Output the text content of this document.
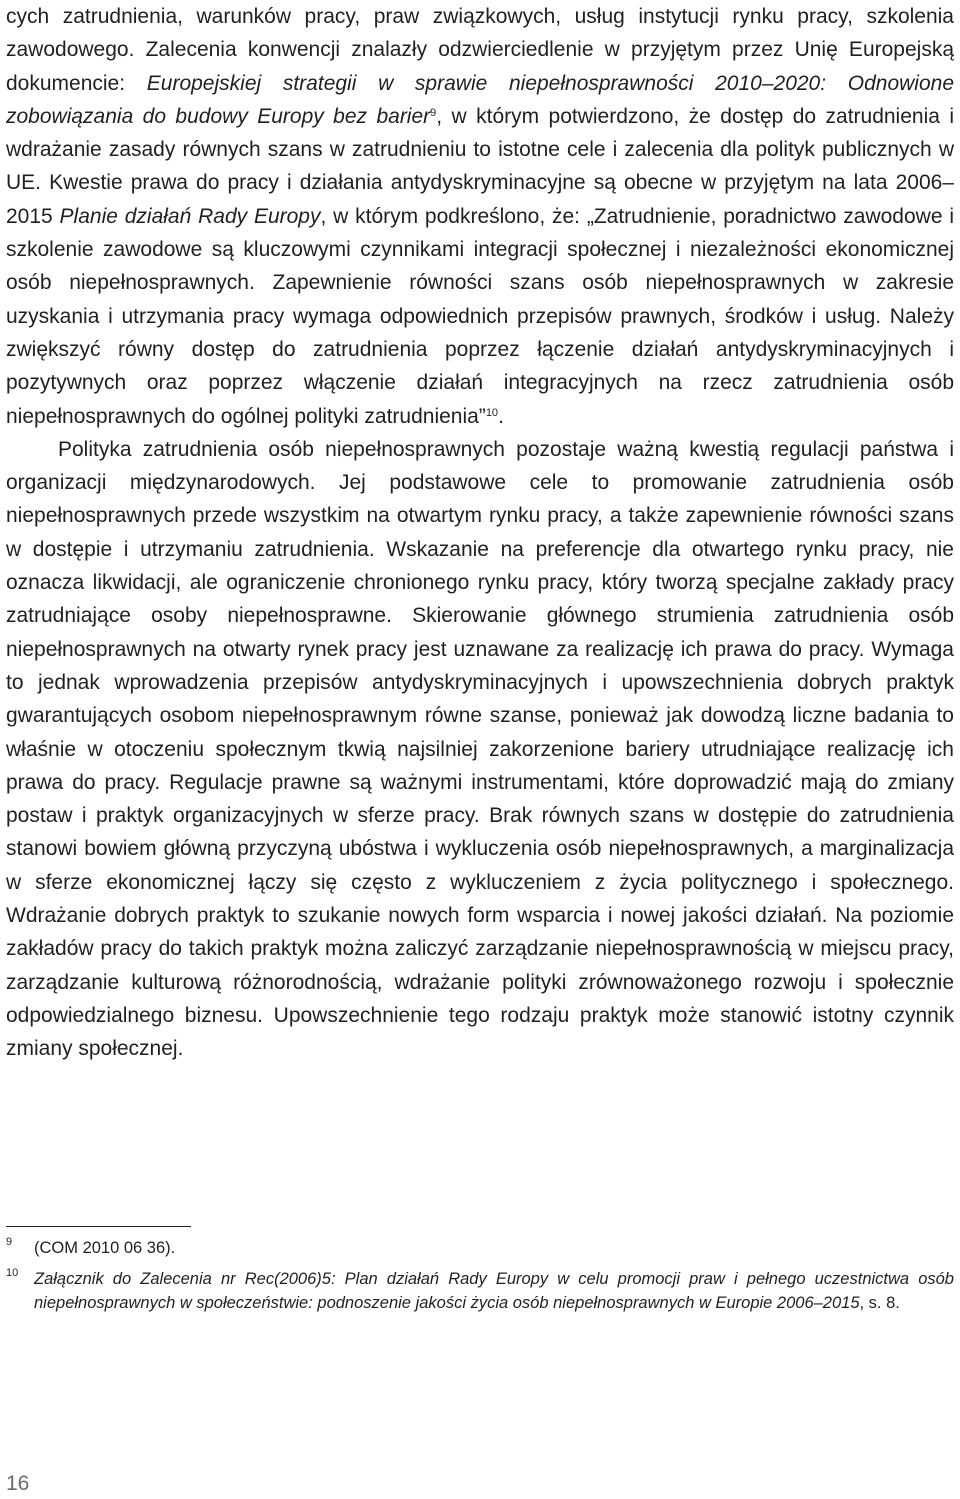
cych zatrudnienia, warunków pracy, praw związkowych, usług instytucji rynku pracy, szkolenia zawodowego. Zalecenia konwencji znalazły odzwierciedlenie w przyjętym przez Unię Europejską dokumencie: Europejskiej strategii w sprawie niepełnosprawności 2010–2020: Odnowione zobowiązania do budowy Europy bez barier$^9$, w którym potwierdzono, że dostęp do zatrudnienia i wdrażanie zasady równych szans w zatrudnieniu to istotne cele i zalecenia dla polityk publicznych w UE. Kwestie prawa do pracy i działania antydyskryminacyjne są obecne w przyjętym na lata 2006–2015 Planie działań Rady Europy, w którym podkreślono, że: „Zatrudnienie, poradnictwo zawodowe i szkolenie zawodowe są kluczowymi czynnikami integracji społecznej i niezależności ekonomicznej osób niepełnosprawnych. Zapewnienie równości szans osób niepełnosprawnych w zakresie uzyskania i utrzymania pracy wymaga odpowiednich przepisów prawnych, środków i usług. Należy zwiększyć równy dostęp do zatrudnienia poprzez łączenie działań antydyskryminacyjnych i pozytywnych oraz poprzez włączenie działań integracyjnych na rzecz zatrudnienia osób niepełnosprawnych do ogólnej polityki zatrudnienia”$^{10}$.

Polityka zatrudnienia osób niepełnosprawnych pozostaje ważną kwestią regulacji państwa i organizacji międzynarodowych. Jej podstawowe cele to promowanie zatrudnienia osób niepełnosprawnych przede wszystkim na otwartym rynku pracy, a także zapewnienie równości szans w dostępie i utrzymaniu zatrudnienia. Wskazanie na preferencje dla otwartego rynku pracy, nie oznacza likwidacji, ale ograniczenie chronionego rynku pracy, który tworzą specjalne zakłady pracy zatrudniające osoby niepełnosprawne. Skierowanie głównego strumienia zatrudnienia osób niepełnosprawnych na otwarty rynek pracy jest uznawane za realizację ich prawa do pracy. Wymaga to jednak wprowadzenia przepisów antydyskryminacyjnych i upowszechnienia dobrych praktyk gwarantujących osobom niepełnosprawnym równe szanse, ponieważ jak dowodzą liczne badania to właśnie w otoczeniu społecznym tkwią najsilniej zakorzenione bariery utrudniające realizację ich prawa do pracy. Regulacje prawne są ważnymi instrumentami, które doprowadzić mają do zmiany postaw i praktyk organizacyjnych w sferze pracy. Brak równych szans w dostępie do zatrudnienia stanowi bowiem główną przyczyną ubóstwa i wykluczenia osób niepełnosprawnych, a marginalizacja w sferze ekonomicznej łączy się często z wykluczeniem z życia politycznego i społecznego. Wdrażanie dobrych praktyk to szukanie nowych form wsparcia i nowej jakości działań. Na poziomie zakładów pracy do takich praktyk można zaliczyć zarządzanie niepełnosprawnością w miejscu pracy, zarządzanie kulturową różnorodnością, wdrażanie polityki zrównoważonego rozwoju i społecznie odpowiedzialnego biznesu. Upowszechnienie tego rodzaju praktyk może stanowić istotny czynnik zmiany społecznej.

9 (COM 2010 06 36).
10 Załącznik do Zalecenia nr Rec(2006)5: Plan działań Rady Europy w celu promocji praw i pełnego uczestnictwa osób niepełnosprawnych w społeczeństwie: podnoszenie jakości życia osób niepełnosprawnych w Europie 2006–2015, s. 8.
16
